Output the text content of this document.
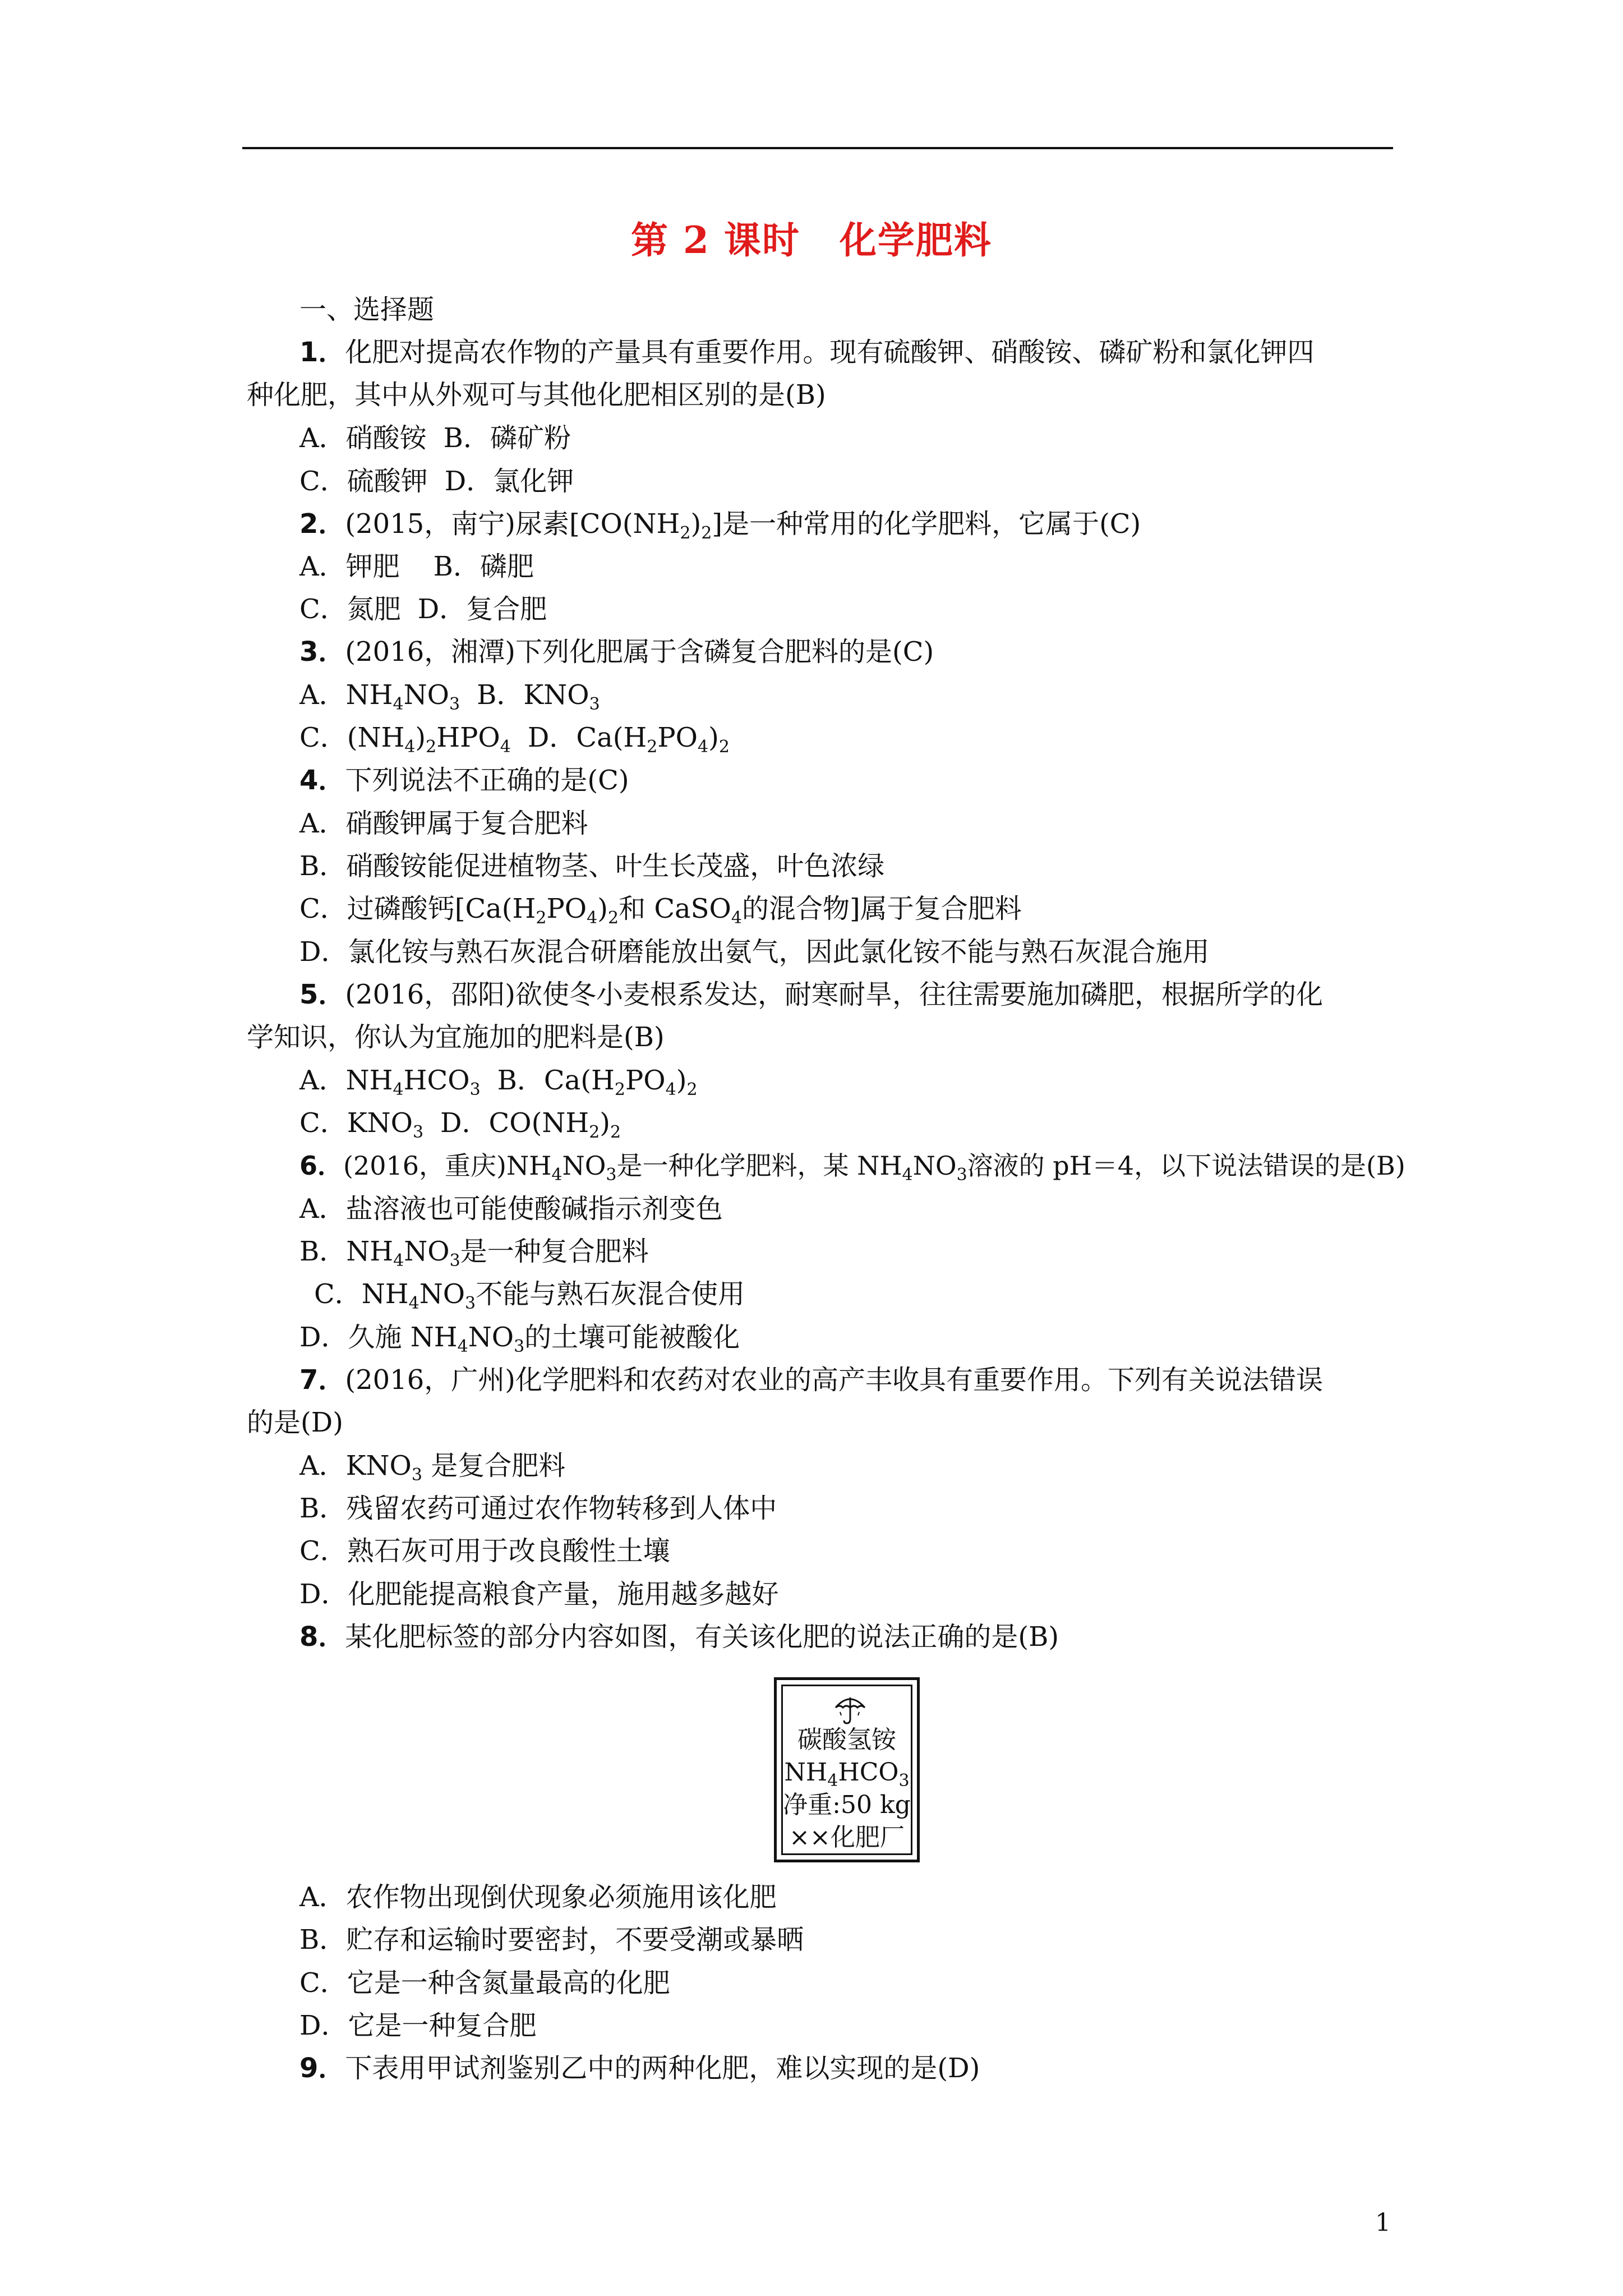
第 2 课时 化学肥料
一、选择题
1．化肥对提高农作物的产量具有重要作用。现有硫酸钾、硝酸铵、磷矿粉和氯化钾四
种化肥，其中从外观可与其他化肥相区别的是(B)
A．硝酸铵 B．磷矿粉
C．硫酸钾 D．氯化钾
2．(2015，南宁)尿素$[CO(NH_2)_2]$是一种常用的化学肥料，它属于(C)
A．钾肥 B．磷肥
C．氮肥 D．复合肥
3．(2016，湘潭)下列化肥属于含磷复合肥料的是(C)
A．$NH_4NO_3$ B．$KNO_3$
C．$(NH_4)_2HPO_4$ D．$Ca(H_2PO_4)_2$
4．下列说法不正确的是(C)
A．硝酸钾属于复合肥料
B．硝酸铵能促进植物茎、叶生长茂盛，叶色浓绿
C．过磷酸钙[$Ca(H_2PO_4)_2$和 CaSO$_4$的混合物]属于复合肥料
D．氯化铵与熟石灰混合研磨能放出氨气，因此氯化铵不能与熟石灰混合施用
5．(2016，邵阳)欲使冬小麦根系发达，耐寒耐旱，往往需要施加磷肥，根据所学的化
学知识，你认为宜施加的肥料是(B)
A．$NH_4HCO_3$ B．$Ca(H_2PO_4)_2$
C．$KNO_3$ D．$CO(NH_2)_2$
6．(2016，重庆)$NH_4NO_3$是一种化学肥料，某 $NH_4NO_3$溶液的 pH＝4，以下说法错误的是(B)
A．盐溶液也可能使酸碱指示剂变色
B．$NH_4NO_3$是一种复合肥料
C．$NH_4NO_3$不能与熟石灰混合使用
D．久施 $NH_4NO_3$的土壤可能被酸化
7．(2016，广州)化学肥料和农药对农业的高产丰收具有重要作用。下列有关说法错误
的是(D)
A．$KNO_3$ 是复合肥料
B．残留农药可通过农作物转移到人体中
C．熟石灰可用于改良酸性土壤
D．化肥能提高粮食产量，施用越多越好
8．某化肥标签的部分内容如图，有关该化肥的说法正确的是(B)
碳酸氢铵
$NH_4HCO_3$
净重:50 kg
××化肥厂
A．农作物出现倒伏现象必须施用该化肥
B．贮存和运输时要密封，不要受潮或暴晒
C．它是一种含氮量最高的化肥
D．它是一种复合肥
9．下表用甲试剂鉴别乙中的两种化肥，难以实现的是(D)
1
